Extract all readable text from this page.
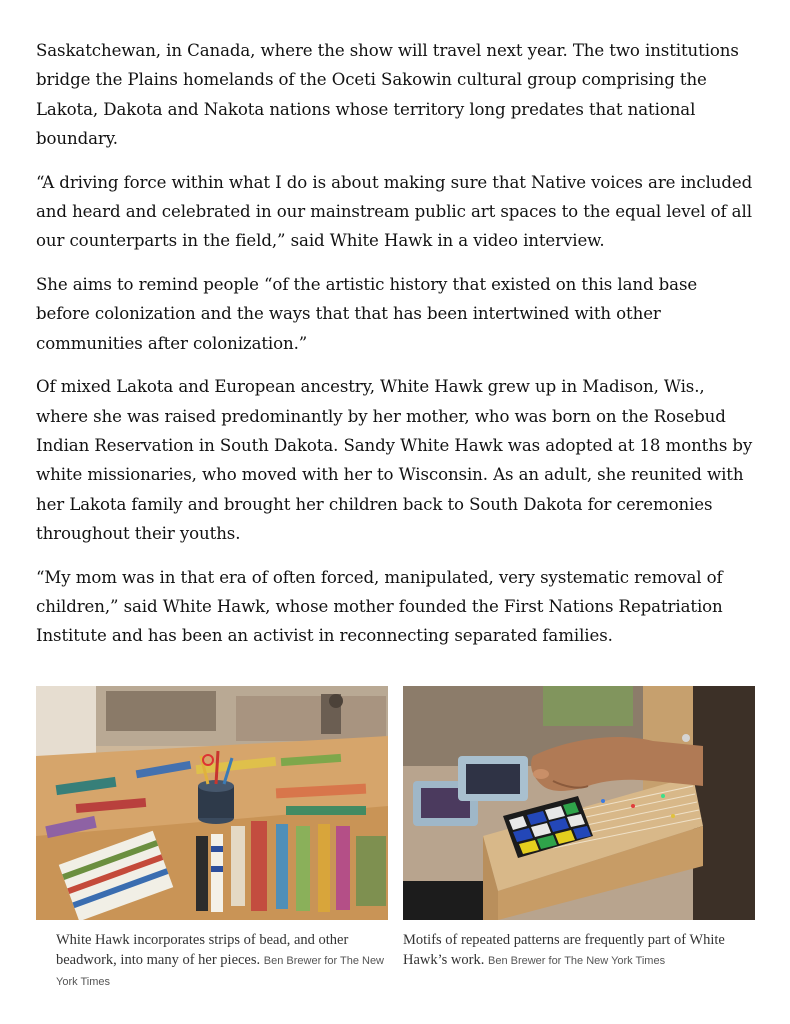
Saskatchewan, in Canada, where the show will travel next year. The two institutions bridge the Plains homelands of the Oceti Sakowin cultural group comprising the Lakota, Dakota and Nakota nations whose territory long predates that national boundary.

“A driving force within what I do is about making sure that Native voices are included and heard and celebrated in our mainstream public art spaces to the equal level of all our counterparts in the field,” said White Hawk in a video interview.

She aims to remind people “of the artistic history that existed on this land base before colonization and the ways that that has been intertwined with other communities after colonization.”

Of mixed Lakota and European ancestry, White Hawk grew up in Madison, Wis., where she was raised predominantly by her mother, who was born on the Rosebud Indian Reservation in South Dakota. Sandy White Hawk was adopted at 18 months by white missionaries, who moved with her to Wisconsin. As an adult, she reunited with her Lakota family and brought her children back to South Dakota for ceremonies throughout their youths.

“My mom was in that era of often forced, manipulated, very systematic removal of children,” said White Hawk, whose mother founded the First Nations Repatriation Institute and has been an activist in reconnecting separated families.

White Hawk incorporates strips of bead, and other beadwork, into many of her pieces. Ben Brewer for The New York Times
Motifs of repeated patterns are frequently part of White Hawk’s work. Ben Brewer for The New York Times
